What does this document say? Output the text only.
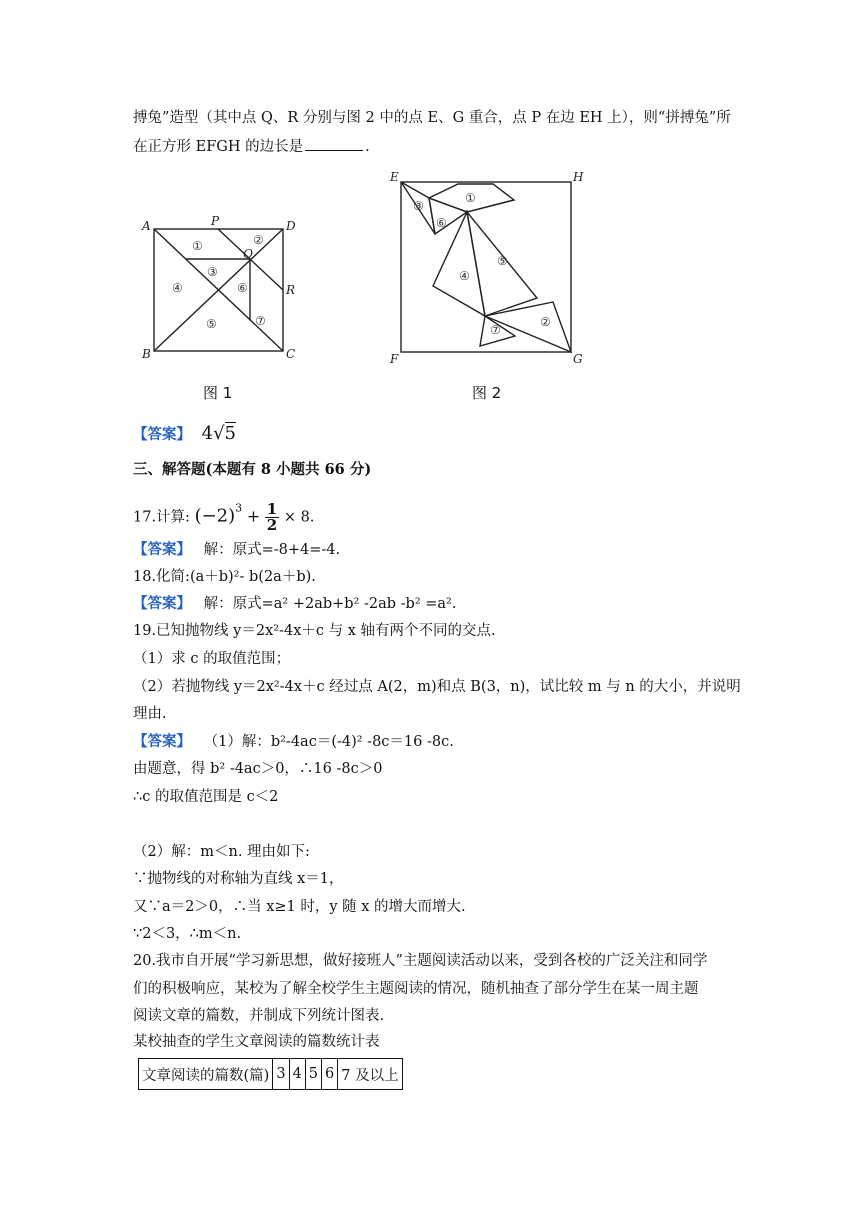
搏兔”造型（其中点 Q、R 分别与图 2 中的点 E、G 重合，点 P 在边 EH 上），则“拼搏兔”所
在正方形 EFGH 的边长是	.
A	P	D
Q
R
B	C
①	②
③
④
⑤
⑥
⑦
图 1
E	H
F	G
①
②
③
④
⑤
⑥
⑦
图 2
【答案】 4√5
三、解答题(本题有 8 小题共 66 分)
17.计算: $(-2)^3 + \frac{1}{2} \times 8$.
【答案】 解：原式=-8+4=-4.
18.化简:(a＋b)²- b(2a＋b).
【答案】 解：原式=a² +2ab+b² -2ab -b² =a².
19.已知抛物线 y＝2x²-4x＋c 与 x 轴有两个不同的交点.
（1）求 c 的取值范围；
（2）若抛物线 y＝2x²-4x＋c 经过点 A(2，m)和点 B(3，n)，试比较 m 与 n 的大小，并说明
理由.
【答案】 （1）解：b²-4ac＝(-4)² -8c＝16 -8c.
由题意，得 b² -4ac＞0，∴16 -8c＞0
∴c 的取值范围是 c＜2
（2）解：m＜n. 理由如下:
∵抛物线的对称轴为直线 x＝1，
又∵a＝2＞0，∴当 x≥1 时，y 随 x 的增大而增大.
∵2＜3，∴m＜n.
20.我市自开展“学习新思想，做好接班人”主题阅读活动以来，受到各校的广泛关注和同学
们的积极响应，某校为了解全校学生主题阅读的情况，随机抽查了部分学生在某一周主题
阅读文章的篇数，并制成下列统计图表.
某校抽查的学生文章阅读的篇数统计表
文章阅读的篇数(篇)	3	4	5	6	7 及以上
